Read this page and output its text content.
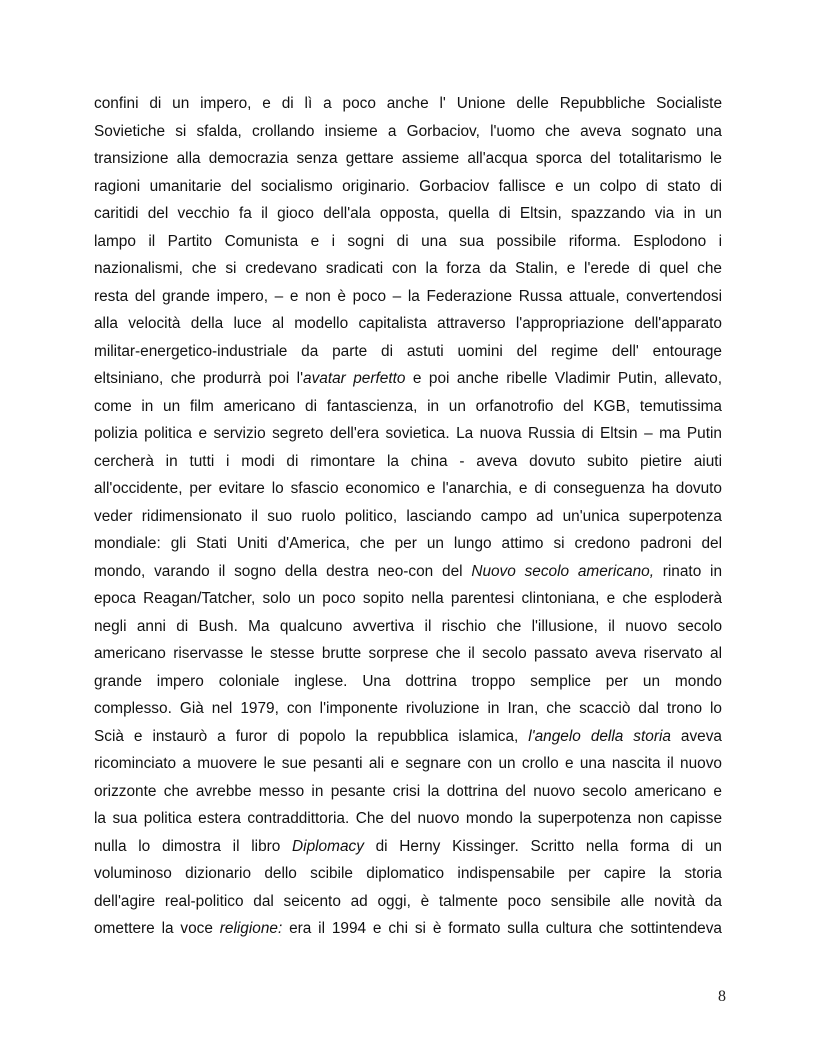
confini di un impero, e di lì a poco anche l' Unione delle Repubbliche Socialiste
Sovietiche si sfalda, crollando insieme a Gorbaciov, l'uomo che aveva sognato una
transizione alla democrazia senza gettare assieme all'acqua sporca del totalitarismo le
ragioni umanitarie del socialismo originario. Gorbaciov fallisce e un colpo di stato di
caritidi del vecchio fa il gioco dell'ala opposta, quella di Eltsin, spazzando via in un
lampo il Partito Comunista e i sogni di una sua possibile riforma. Esplodono i
nazionalismi, che si credevano sradicati con la forza da Stalin, e l'erede di quel che
resta del grande impero, – e non è poco – la Federazione Russa attuale, convertendosi
alla velocità della luce al modello capitalista attraverso l'appropriazione dell'apparato
militar-energetico-industriale da parte di astuti uomini del regime dell' entourage
eltsiniano, che produrrà poi l'avatar perfetto e poi anche ribelle Vladimir Putin, allevato,
come in un film americano di fantascienza, in un orfanotrofio del KGB, temutissima
polizia politica e servizio segreto dell'era sovietica. La nuova Russia di Eltsin – ma Putin
cercherà in tutti i modi di rimontare la china - aveva dovuto subito pietire aiuti
all'occidente, per evitare lo sfascio economico e l'anarchia, e di conseguenza ha dovuto
veder ridimensionato il suo ruolo politico, lasciando campo ad un'unica superpotenza
mondiale: gli Stati Uniti d'America, che per un lungo attimo si credono padroni del
mondo, varando il sogno della destra neo-con del Nuovo secolo americano, rinato in
epoca Reagan/Tatcher, solo un poco sopito nella parentesi clintoniana, e che esploderà
negli anni di Bush. Ma qualcuno avvertiva il rischio che l'illusione, il nuovo secolo
americano riservasse le stesse brutte sorprese che il secolo passato aveva riservato al
grande impero coloniale inglese. Una dottrina troppo semplice per un mondo
complesso. Già nel 1979, con l'imponente rivoluzione in Iran, che scacciò dal trono lo
Scià e instaurò a furor di popolo la repubblica islamica, l'angelo della storia aveva
ricominciato a muovere le sue pesanti ali e segnare con un crollo e una nascita il nuovo
orizzonte che avrebbe messo in pesante crisi la dottrina del nuovo secolo americano e
la sua politica estera contraddittoria. Che del nuovo mondo la superpotenza non capisse
nulla lo dimostra il libro Diplomacy di Herny Kissinger. Scritto nella forma di un
voluminoso dizionario dello scibile diplomatico indispensabile per capire la storia
dell'agire real-politico dal seicento ad oggi, è talmente poco sensibile alle novità da
omettere la voce religione: era il 1994 e chi si è formato sulla cultura che sottintendeva
8
